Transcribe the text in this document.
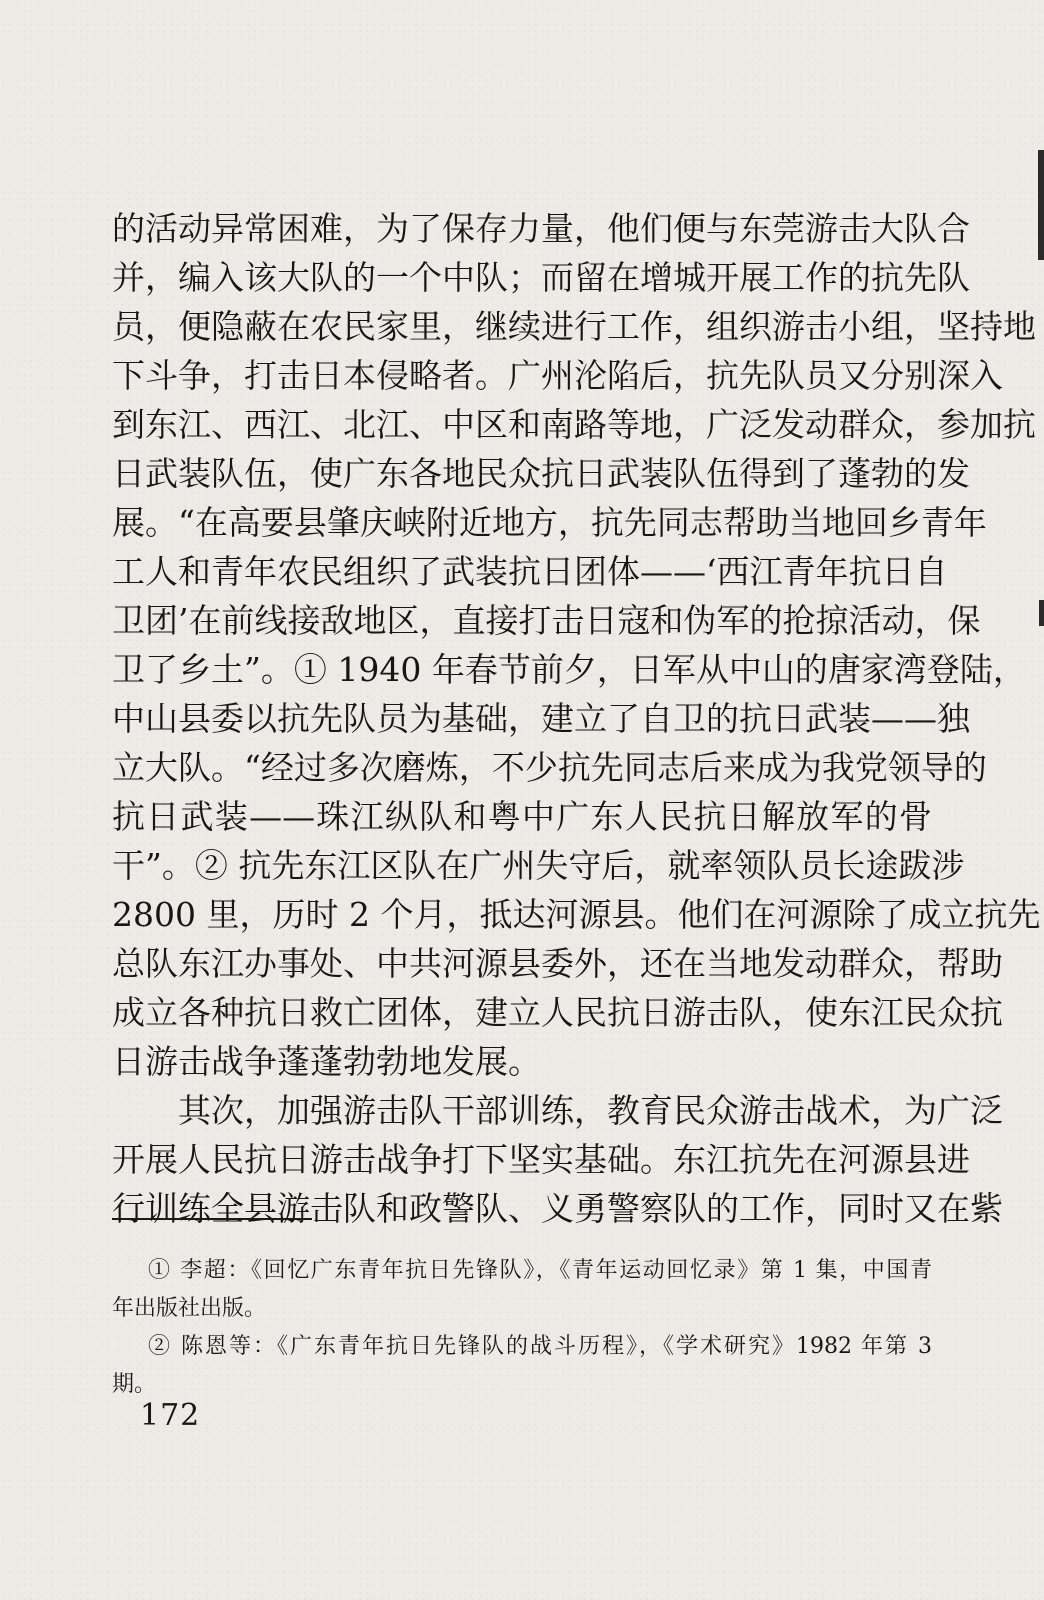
的活动异常困难，为了保存力量，他们便与东莞游击大队合
并，编入该大队的一个中队；而留在增城开展工作的抗先队
员，便隐蔽在农民家里，继续进行工作，组织游击小组，坚持地
下斗争，打击日本侵略者。广州沦陷后，抗先队员又分别深入
到东江、西江、北江、中区和南路等地，广泛发动群众，参加抗
日武装队伍，使广东各地民众抗日武装队伍得到了蓬勃的发
展。“在高要县肇庆峡附近地方，抗先同志帮助当地回乡青年
工人和青年农民组织了武装抗日团体——‘西江青年抗日自
卫团’在前线接敌地区，直接打击日寇和伪军的抢掠活动，保
卫了乡土”。① 1940 年春节前夕，日军从中山的唐家湾登陆，
中山县委以抗先队员为基础，建立了自卫的抗日武装——独
立大队。“经过多次磨炼，不少抗先同志后来成为我党领导的
抗日武装——珠江纵队和粤中广东人民抗日解放军的骨
干”。② 抗先东江区队在广州失守后，就率领队员长途跋涉
2800 里，历时 2 个月，抵达河源县。他们在河源除了成立抗先
总队东江办事处、中共河源县委外，还在当地发动群众，帮助
成立各种抗日救亡团体，建立人民抗日游击队，使东江民众抗
日游击战争蓬蓬勃勃地发展。
其次，加强游击队干部训练，教育民众游击战术，为广泛
开展人民抗日游击战争打下坚实基础。东江抗先在河源县进
行训练全县游击队和政警队、义勇警察队的工作，同时又在紫
① 李超：《回忆广东青年抗日先锋队》，《青年运动回忆录》第 1 集，中国青
年出版社出版。
② 陈恩等：《广东青年抗日先锋队的战斗历程》，《学术研究》1982 年第 3
期。
172
